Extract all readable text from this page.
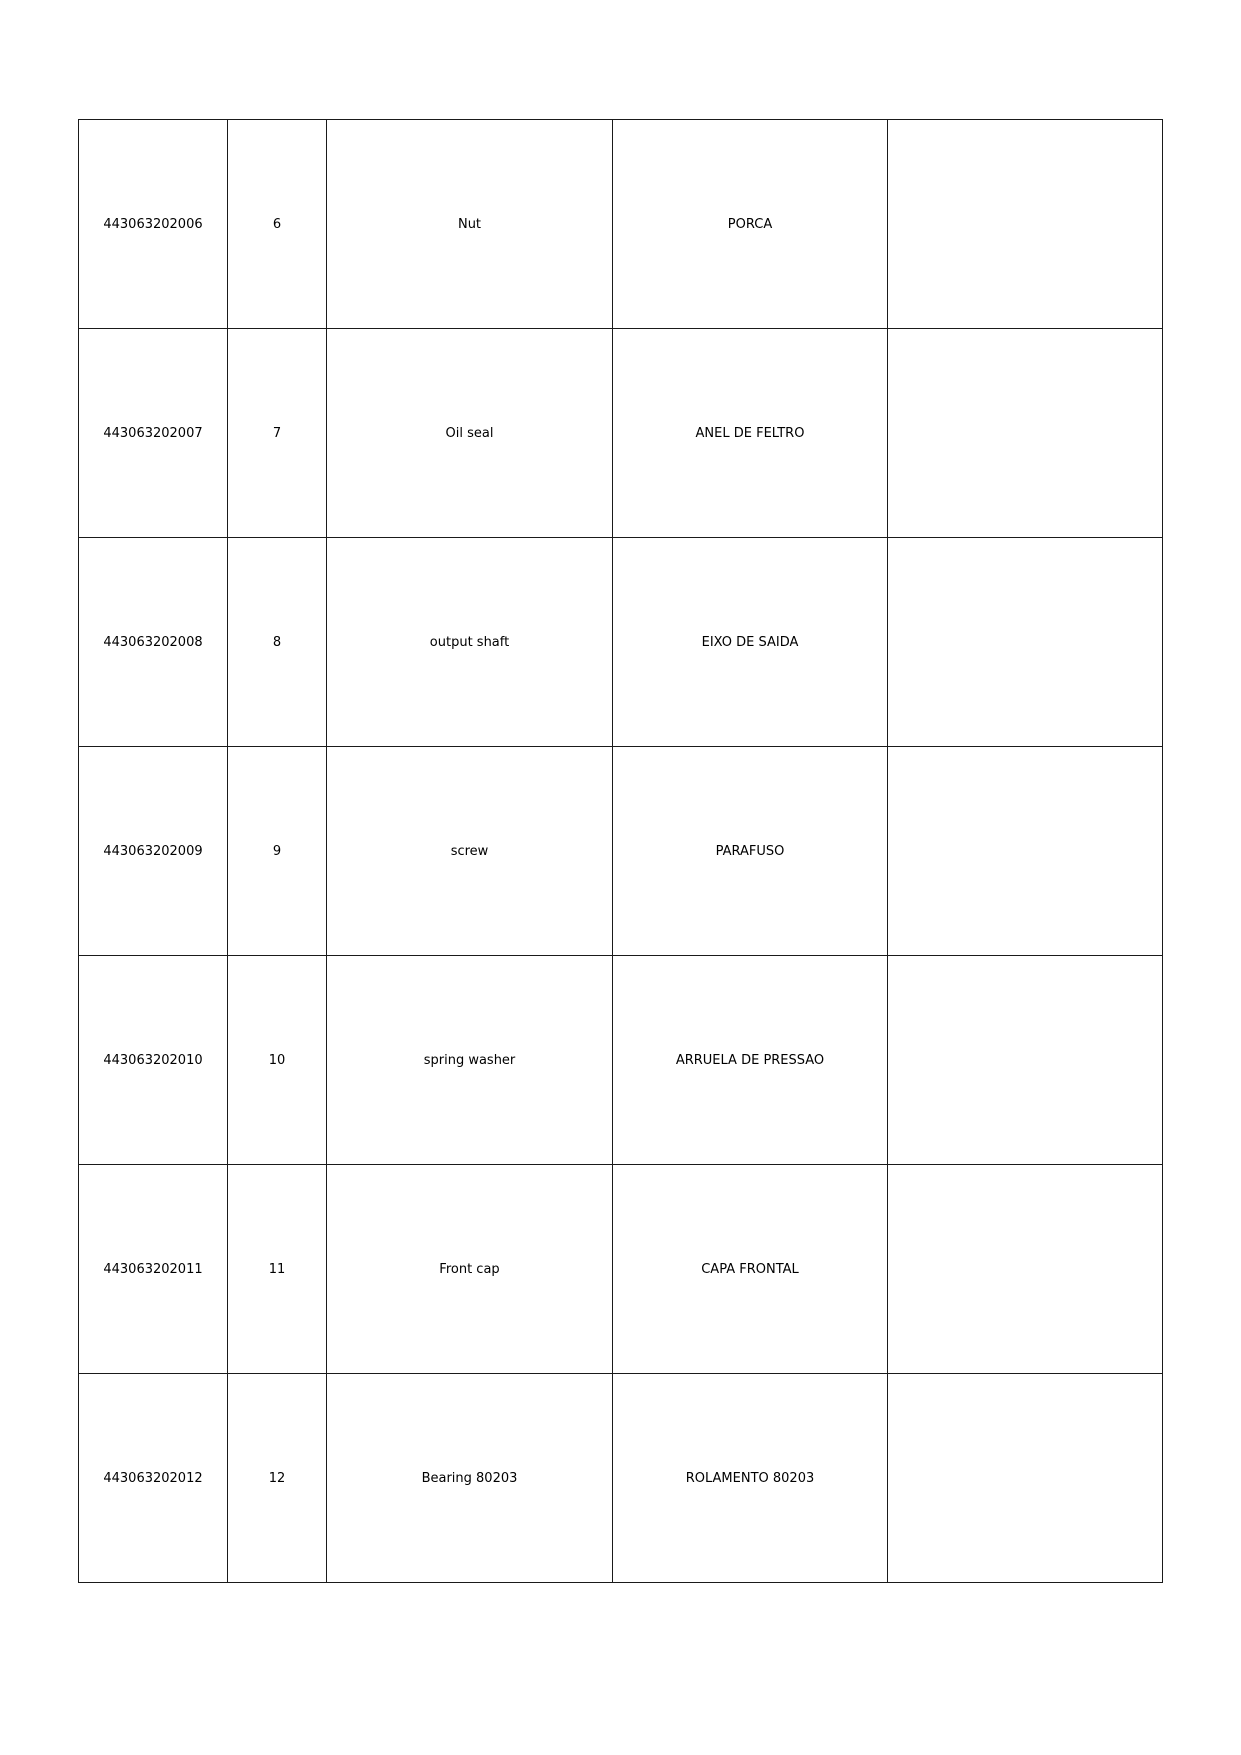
443063202006	6	Nut	PORCA	
443063202007	7	Oil seal	ANEL DE FELTRO	
443063202008	8	output shaft	EIXO DE SAIDA	
443063202009	9	screw	PARAFUSO	
443063202010	10	spring washer	ARRUELA DE PRESSAO	
443063202011	11	Front cap	CAPA FRONTAL	
443063202012	12	Bearing 80203	ROLAMENTO 80203	
